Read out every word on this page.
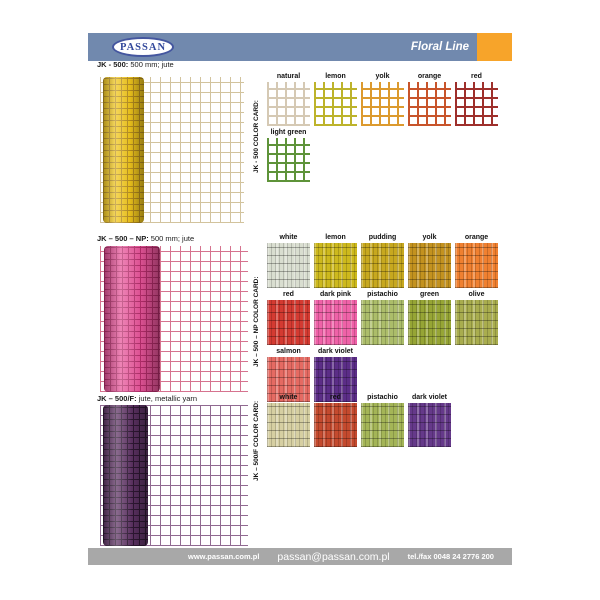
PASSAN	Floral Line
JK - 500: 500 mm; jute
JK - 500 COLOR CARD:
natural	lemon	yolk	orange	red
light green
JK – 500 – NP: 500 mm; jute
JK – 500 – NP COLOR CARD:
white	lemon	pudding	yolk	orange
red	dark pink	pistachio	green	olive
salmon	dark violet
JK – 500/F: jute, metallic yarn
JK – 500/F COLOR CARD:
white	red	pistachio	dark violet
www.passan.com.pl passan@passan.com.pl tel./fax 0048 24 2776 200
